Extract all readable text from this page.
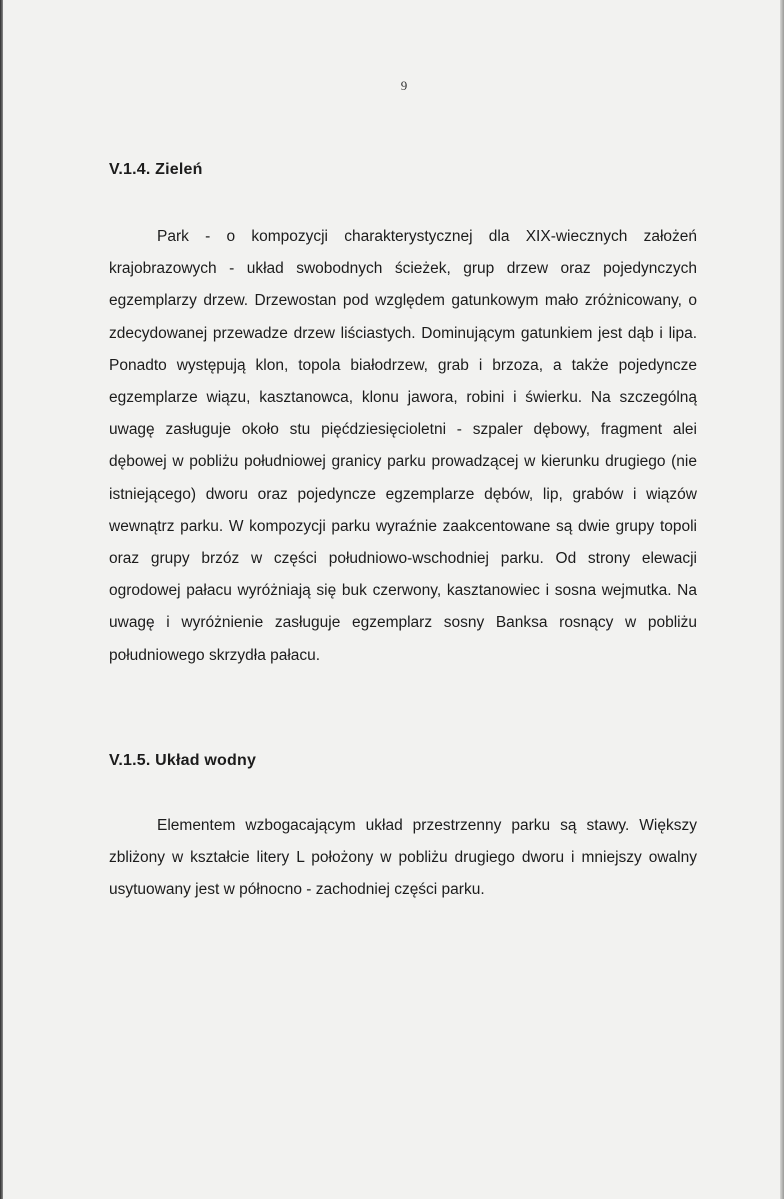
9
V.1.4. Zieleń

Park - o kompozycji charakterystycznej dla XIX-wiecznych założeń krajobrazowych - układ swobodnych ścieżek, grup drzew oraz pojedynczych egzemplarzy drzew. Drzewostan pod względem gatunkowym mało zróżnicowany, o zdecydowanej przewadze drzew liściastych. Dominującym gatunkiem jest dąb i lipa. Ponadto występują klon, topola białodrzew, grab i brzoza, a także pojedyncze egzemplarze wiązu, kasztanowca, klonu jawora, robini i świerku. Na szczególną uwagę zasługuje około stu pięćdziesięcioletni - szpaler dębowy, fragment alei dębowej w pobliżu południowej granicy parku prowadzącej w kierunku drugiego (nie istniejącego) dworu oraz pojedyncze egzemplarze dębów, lip, grabów i wiązów wewnątrz parku. W kompozycji parku wyraźnie zaakcentowane są dwie grupy topoli oraz grupy brzóz w części południowo-wschodniej parku. Od strony elewacji ogrodowej pałacu wyróżniają się buk czerwony, kasztanowiec i sosna wejmutka. Na uwagę i wyróżnienie zasługuje egzemplarz sosny Banksa rosnący w pobliżu południowego skrzydła pałacu.

V.1.5. Układ wodny

Elementem wzbogacającym układ przestrzenny parku są stawy. Większy zbliżony w kształcie litery L położony w pobliżu drugiego dworu i mniejszy owalny usytuowany jest w północno - zachodniej części parku.
